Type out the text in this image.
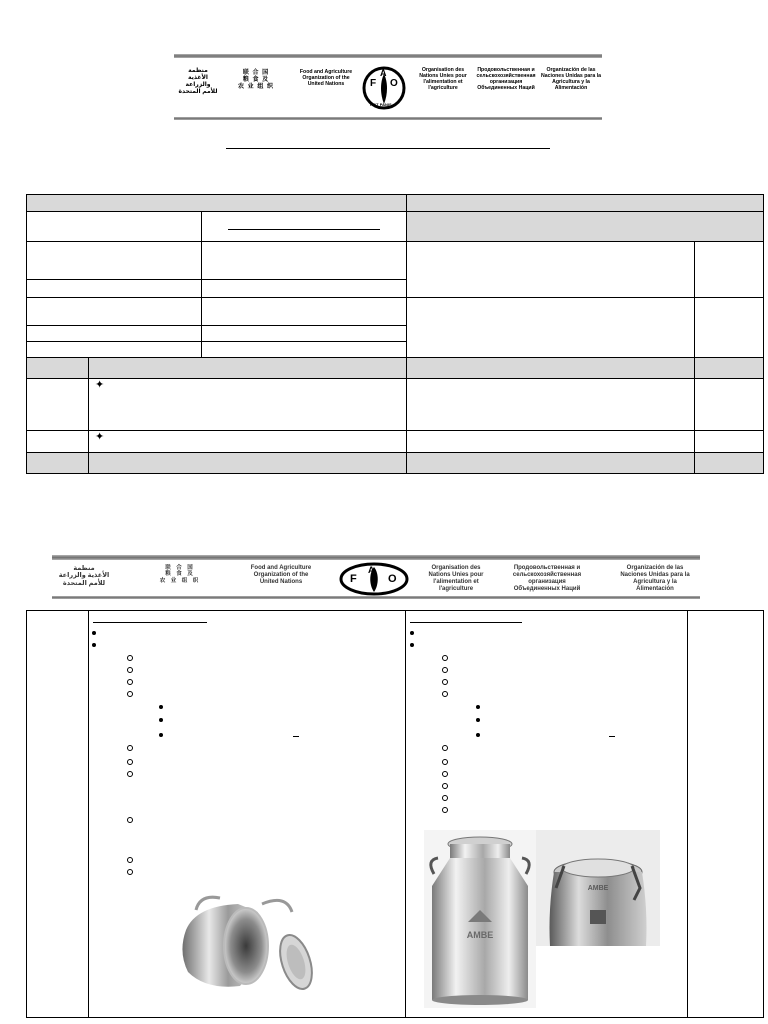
منظمة
الأغذية والزراعة
للأمم المتحدة
联 合 国
粮 食 及
农 业 组 织
Food and Agriculture
Organization of the
United Nations	F
A
O
FIAT PANIS
Organisation des
Nations Unies pour
l'alimentation et
l'agriculture
Продовольственная и
сельскохозяйственная
организация
Объединенных Наций
Organización de las
Naciones Unidas para la
Agricultura y la
Alimentación
✦
✦
منظمة
الأغذية والزراعة
للأمم المتحدة
联 合 国
粮 食 及
农 业 组 织
Food and Agriculture
Organization of the
United Nations	F
A
O
Organisation des
Nations Unies pour
l'alimentation et
l'agriculture
Продовольственная и
сельскохозяйственная
организация
Объединенных Наций
Organización de las
Naciones Unidas para la
Agricultura y la
Alimentación
AMBE
AMBE
